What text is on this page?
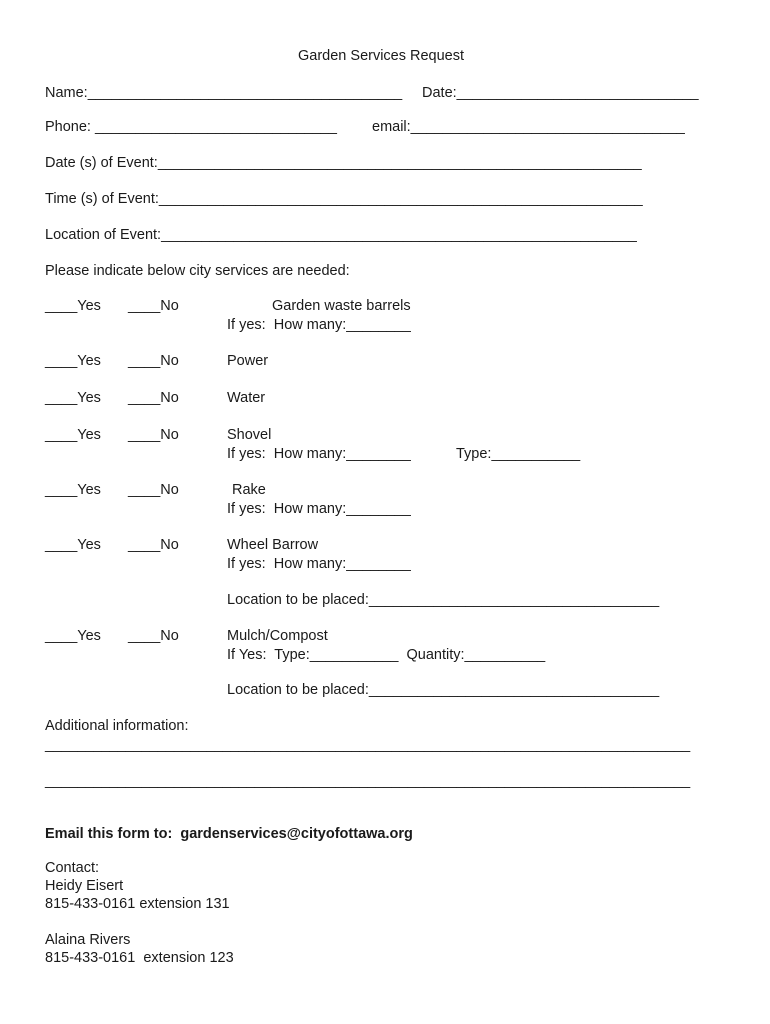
Garden Services Request
Name:_______________________________________ Date:______________________________
Phone: ______________________________ email:__________________________________
Date (s) of Event:____________________________________________________________
Time (s) of Event:____________________________________________________________
Location of Event:___________________________________________________________
Please indicate below city services are needed:
____Yes ____No	Garden waste barrels
If yes:  How many:________
____Yes ____No	Power
____Yes ____No	Water
____Yes ____No	Shovel
If yes:  How many:________	Type:___________
____Yes ____No	Rake
If yes:  How many:________
____Yes ____No	Wheel Barrow
If yes:  How many:________
Location to be placed:____________________________________
____Yes ____No	Mulch/Compost
If Yes:  Type:___________  Quantity:__________
Location to be placed:____________________________________
Additional information:
________________________________________________________________________________
________________________________________________________________________________
Email this form to:  gardenservices@cityofottawa.org
Contact:
Heidy Eisert
815-433-0161 extension 131
Alaina Rivers
815-433-0161  extension 123
